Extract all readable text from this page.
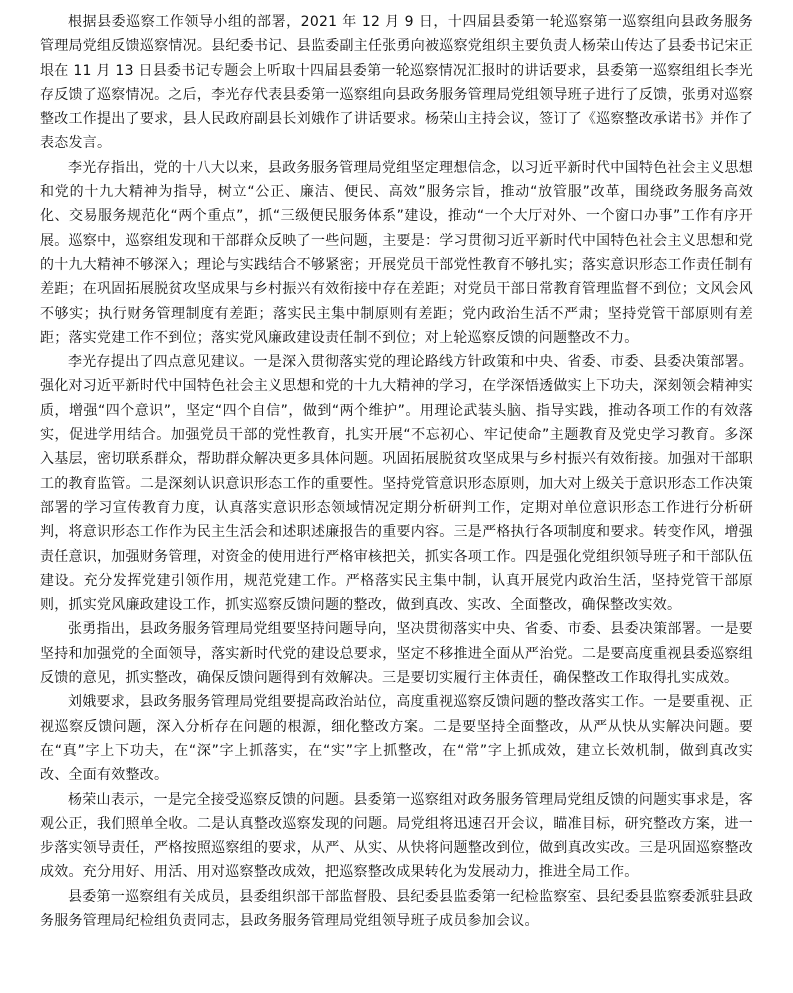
根据县委巡察工作领导小组的部署，2021 年 12 月 9 日，十四届县委第一轮巡察第一巡察组向县政务服务管理局党组反馈巡察情况。县纪委书记、县监委副主任张勇向被巡察党组织主要负责人杨荣山传达了县委书记宋正垠在 11 月 13 日县委书记专题会上听取十四届县委第一轮巡察情况汇报时的讲话要求，县委第一巡察组组长李光存反馈了巡察情况。之后，李光存代表县委第一巡察组向县政务服务管理局党组领导班子进行了反馈，张勇对巡察整改工作提出了要求，县人民政府副县长刘娥作了讲话要求。杨荣山主持会议，签订了《巡察整改承诺书》并作了表态发言。

李光存指出，党的十八大以来，县政务服务管理局党组坚定理想信念，以习近平新时代中国特色社会主义思想和党的十九大精神为指导，树立“公正、廉洁、便民、高效”服务宗旨，推动“放管服”改革，围绕政务服务高效化、交易服务规范化“两个重点”，抓“三级便民服务体系”建设，推动“一个大厅对外、一个窗口办事”工作有序开展。巡察中，巡察组发现和干部群众反映了一些问题，主要是：学习贯彻习近平新时代中国特色社会主义思想和党的十九大精神不够深入；理论与实践结合不够紧密；开展党员干部党性教育不够扎实；落实意识形态工作责任制有差距；在巩固拓展脱贫攻坚成果与乡村振兴有效衔接中存在差距；对党员干部日常教育管理监督不到位；文风会风不够实；执行财务管理制度有差距；落实民主集中制原则有差距；党内政治生活不严肃；坚持党管干部原则有差距；落实党建工作不到位；落实党风廉政建设责任制不到位；对上轮巡察反馈的问题整改不力。

李光存提出了四点意见建议。一是深入贯彻落实党的理论路线方针政策和中央、省委、市委、县委决策部署。强化对习近平新时代中国特色社会主义思想和党的十九大精神的学习，在学深悟透做实上下功夫，深刻领会精神实质，增强“四个意识”，坚定“四个自信”，做到“两个维护”。用理论武装头脑、指导实践，推动各项工作的有效落实，促进学用结合。加强党员干部的党性教育，扎实开展“不忘初心、牢记使命”主题教育及党史学习教育。多深入基层，密切联系群众，帮助群众解决更多具体问题。巩固拓展脱贫攻坚成果与乡村振兴有效衔接。加强对干部职工的教育监管。二是深刻认识意识形态工作的重要性。坚持党管意识形态原则，加大对上级关于意识形态工作决策部署的学习宣传教育力度，认真落实意识形态领域情况定期分析研判工作，定期对单位意识形态工作进行分析研判，将意识形态工作作为民主生活会和述职述廉报告的重要内容。三是严格执行各项制度和要求。转变作风，增强责任意识，加强财务管理，对资金的使用进行严格审核把关，抓实各项工作。四是强化党组织领导班子和干部队伍建设。充分发挥党建引领作用，规范党建工作。严格落实民主集中制，认真开展党内政治生活，坚持党管干部原则，抓实党风廉政建设工作，抓实巡察反馈问题的整改，做到真改、实改、全面整改，确保整改实效。

张勇指出，县政务服务管理局党组要坚持问题导向，坚决贯彻落实中央、省委、市委、县委决策部署。一是要坚持和加强党的全面领导，落实新时代党的建设总要求，坚定不移推进全面从严治党。二是要高度重视县委巡察组反馈的意见，抓实整改，确保反馈问题得到有效解决。三是要切实履行主体责任，确保整改工作取得扎实成效。

刘娥要求，县政务服务管理局党组要提高政治站位，高度重视巡察反馈问题的整改落实工作。一是要重视、正视巡察反馈问题，深入分析存在问题的根源，细化整改方案。二是要坚持全面整改，从严从快从实解决问题。要在“真”字上下功夫，在“深”字上抓落实，在“实”字上抓整改，在“常”字上抓成效，建立长效机制，做到真改实改、全面有效整改。

杨荣山表示，一是完全接受巡察反馈的问题。县委第一巡察组对政务服务管理局党组反馈的问题实事求是，客观公正，我们照单全收。二是认真整改巡察发现的问题。局党组将迅速召开会议，瞄准目标，研究整改方案，进一步落实领导责任，严格按照巡察组的要求，从严、从实、从快将问题整改到位，做到真改实改。三是巩固巡察整改成效。充分用好、用活、用对巡察整改成效，把巡察整改成果转化为发展动力，推进全局工作。

县委第一巡察组有关成员，县委组织部干部监督股、县纪委县监委第一纪检监察室、县纪委县监察委派驻县政务服务管理局纪检组负责同志，县政务服务管理局党组领导班子成员参加会议。
